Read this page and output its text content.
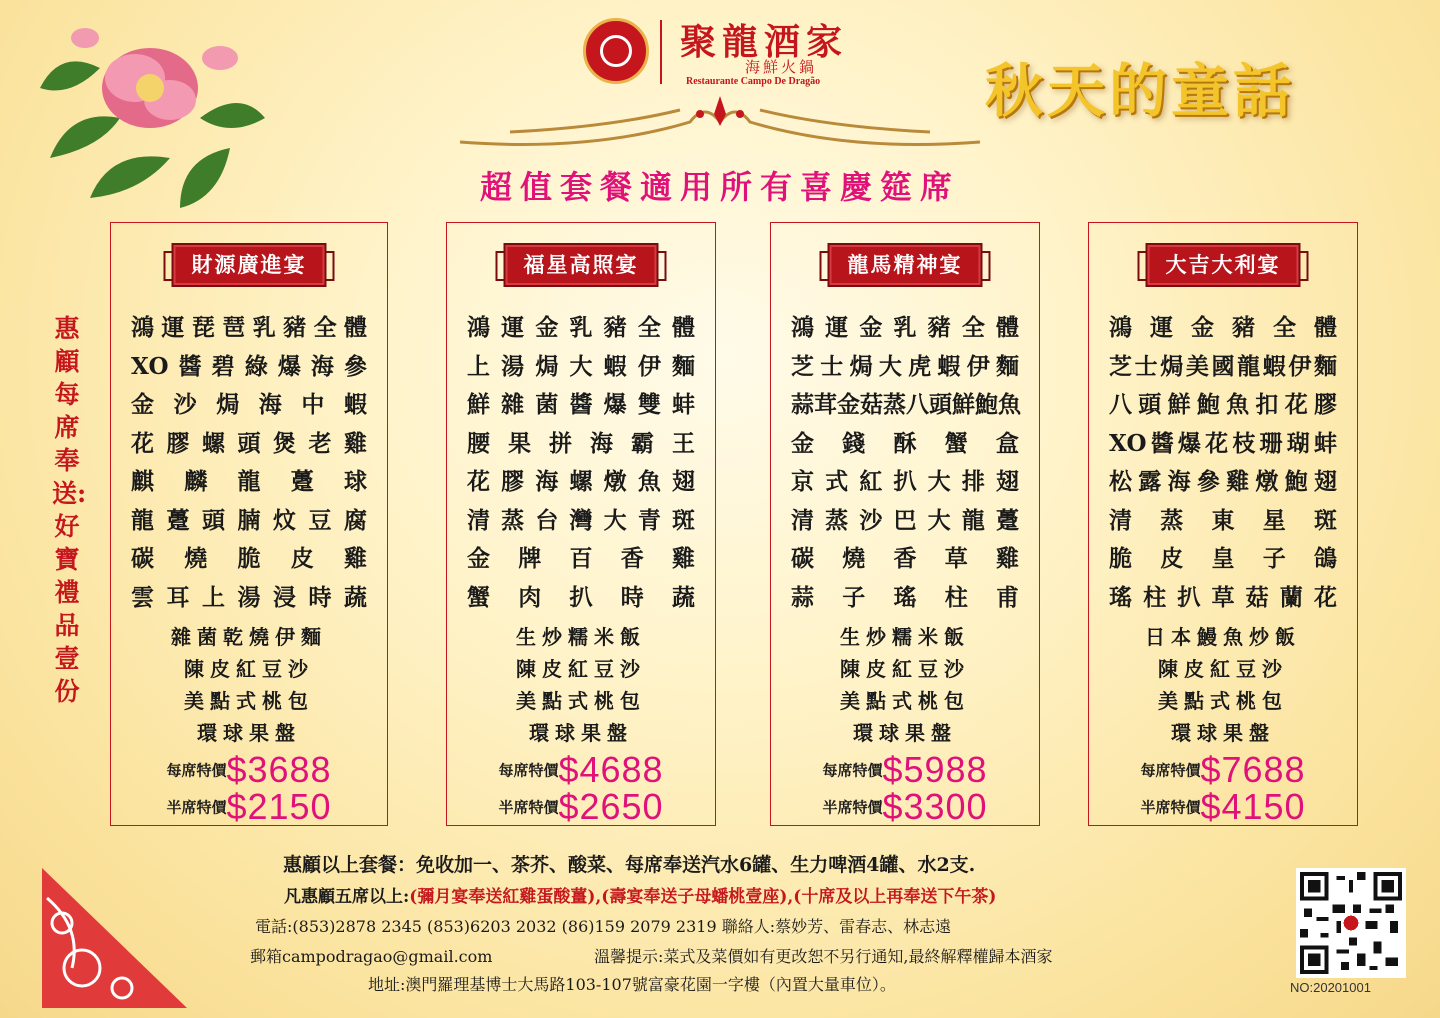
聚龍酒家
海鮮火鍋
Restaurante Campo De Dragão	秋天的童話
超值套餐適用所有喜慶筵席
惠顧每席奉送:好寶禮品壹份
財源廣進宴
鴻運琵琶乳豬全體
XO醬碧綠爆海參
金沙焗海中蝦
花膠螺頭煲老雞
麒麟龍躉球
龍躉頭腩炆豆腐
碳燒脆皮雞
雲耳上湯浸時蔬
雜菌乾燒伊麵
陳皮紅豆沙
美點式桃包
環球果盤
每席特價$3688
半席特價$2150
福星高照宴
鴻運金乳豬全體
上湯焗大蝦伊麵
鮮雜菌醬爆雙蚌
腰果拼海霸王
花膠海螺燉魚翅
清蒸台灣大青斑
金牌百香雞
蟹肉扒時蔬
生炒糯米飯
陳皮紅豆沙
美點式桃包
環球果盤
每席特價$4688
半席特價$2650
龍馬精神宴
鴻運金乳豬全體
芝士焗大虎蝦伊麵
蒜茸金菇蒸八頭鮮鮑魚
金錢酥蟹盒
京式紅扒大排翅
清蒸沙巴大龍躉
碳燒香草雞
蒜子瑤柱甫
生炒糯米飯
陳皮紅豆沙
美點式桃包
環球果盤
每席特價$5988
半席特價$3300
大吉大利宴
鴻運金豬全體
芝士焗美國龍蝦伊麵
八頭鮮鮑魚扣花膠
XO醬爆花枝珊瑚蚌
松露海參雞燉鮑翅
清蒸東星斑
脆皮皇子鴿
瑤柱扒草菇蘭花
日本鰻魚炒飯
陳皮紅豆沙
美點式桃包
環球果盤
每席特價$7688
半席特價$4150
惠顧以上套餐：免收加一、茶芥、酸菜、每席奉送汽水6罐、生力啤酒4罐、水2支.
凡惠顧五席以上:(彌月宴奉送紅雞蛋酸薑),(壽宴奉送子母蟠桃壹座),(十席及以上再奉送下午茶)
電話:(853)2878 2345 (853)6203 2032 (86)159 2079 2319 聯絡人:蔡妙芳、雷春志、林志遠
郵箱campodragao@gmail.com	溫馨提示:菜式及菜價如有更改恕不另行通知,最終解釋權歸本酒家
地址:澳門羅理基博士大馬路103-107號富豪花園一字樓（內置大量車位）。	NO:20201001
